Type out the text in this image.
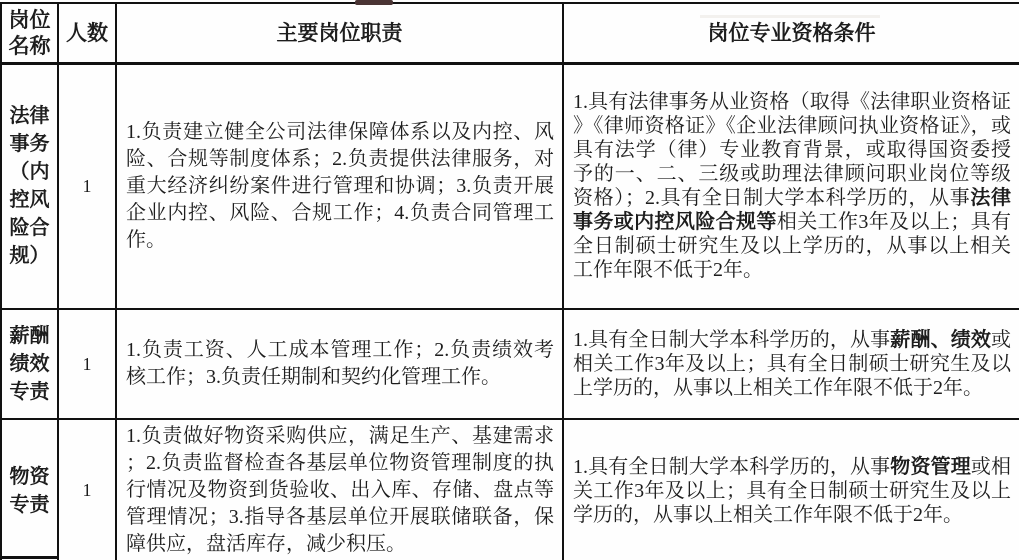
岗位名称	人数	主要岗位职责	岗位专业资格条件
法律事务（内控风险合规）	1	1.负责建立健全公司法律保障体系以及内控、风险、合规等制度体系；2.负责提供法律服务，对重大经济纠纷案件进行管理和协调；3.负责开展企业内控、风险、合规工作；4.负责合同管理工作。	1.具有法律事务从业资格（取得《法律职业资格证》《律师资格证》《企业法律顾问执业资格证》，或具有法学（律）专业教育背景，或取得国资委授予的一、二、三级或助理法律顾问职业岗位等级资格）；2.具有全日制大学本科学历的，从事法律事务或内控风险合规等相关工作3年及以上；具有全日制硕士研究生及以上学历的，从事以上相关工作年限不低于2年。
薪酬绩效专责	1	1.负责工资、人工成本管理工作；2.负责绩效考核工作；3.负责任期制和契约化管理工作。	1.具有全日制大学本科学历的，从事薪酬、绩效或相关工作3年及以上；具有全日制硕士研究生及以上学历的，从事以上相关工作年限不低于2年。
物资专责	1	1.负责做好物资采购供应，满足生产、基建需求；2.负责监督检查各基层单位物资管理制度的执行情况及物资到货验收、出入库、存储、盘点等管理情况；3.指导各基层单位开展联储联备，保障供应，盘活库存，减少积压。	1.具有全日制大学本科学历的，从事物资管理或相关工作3年及以上；具有全日制硕士研究生及以上学历的，从事以上相关工作年限不低于2年。
